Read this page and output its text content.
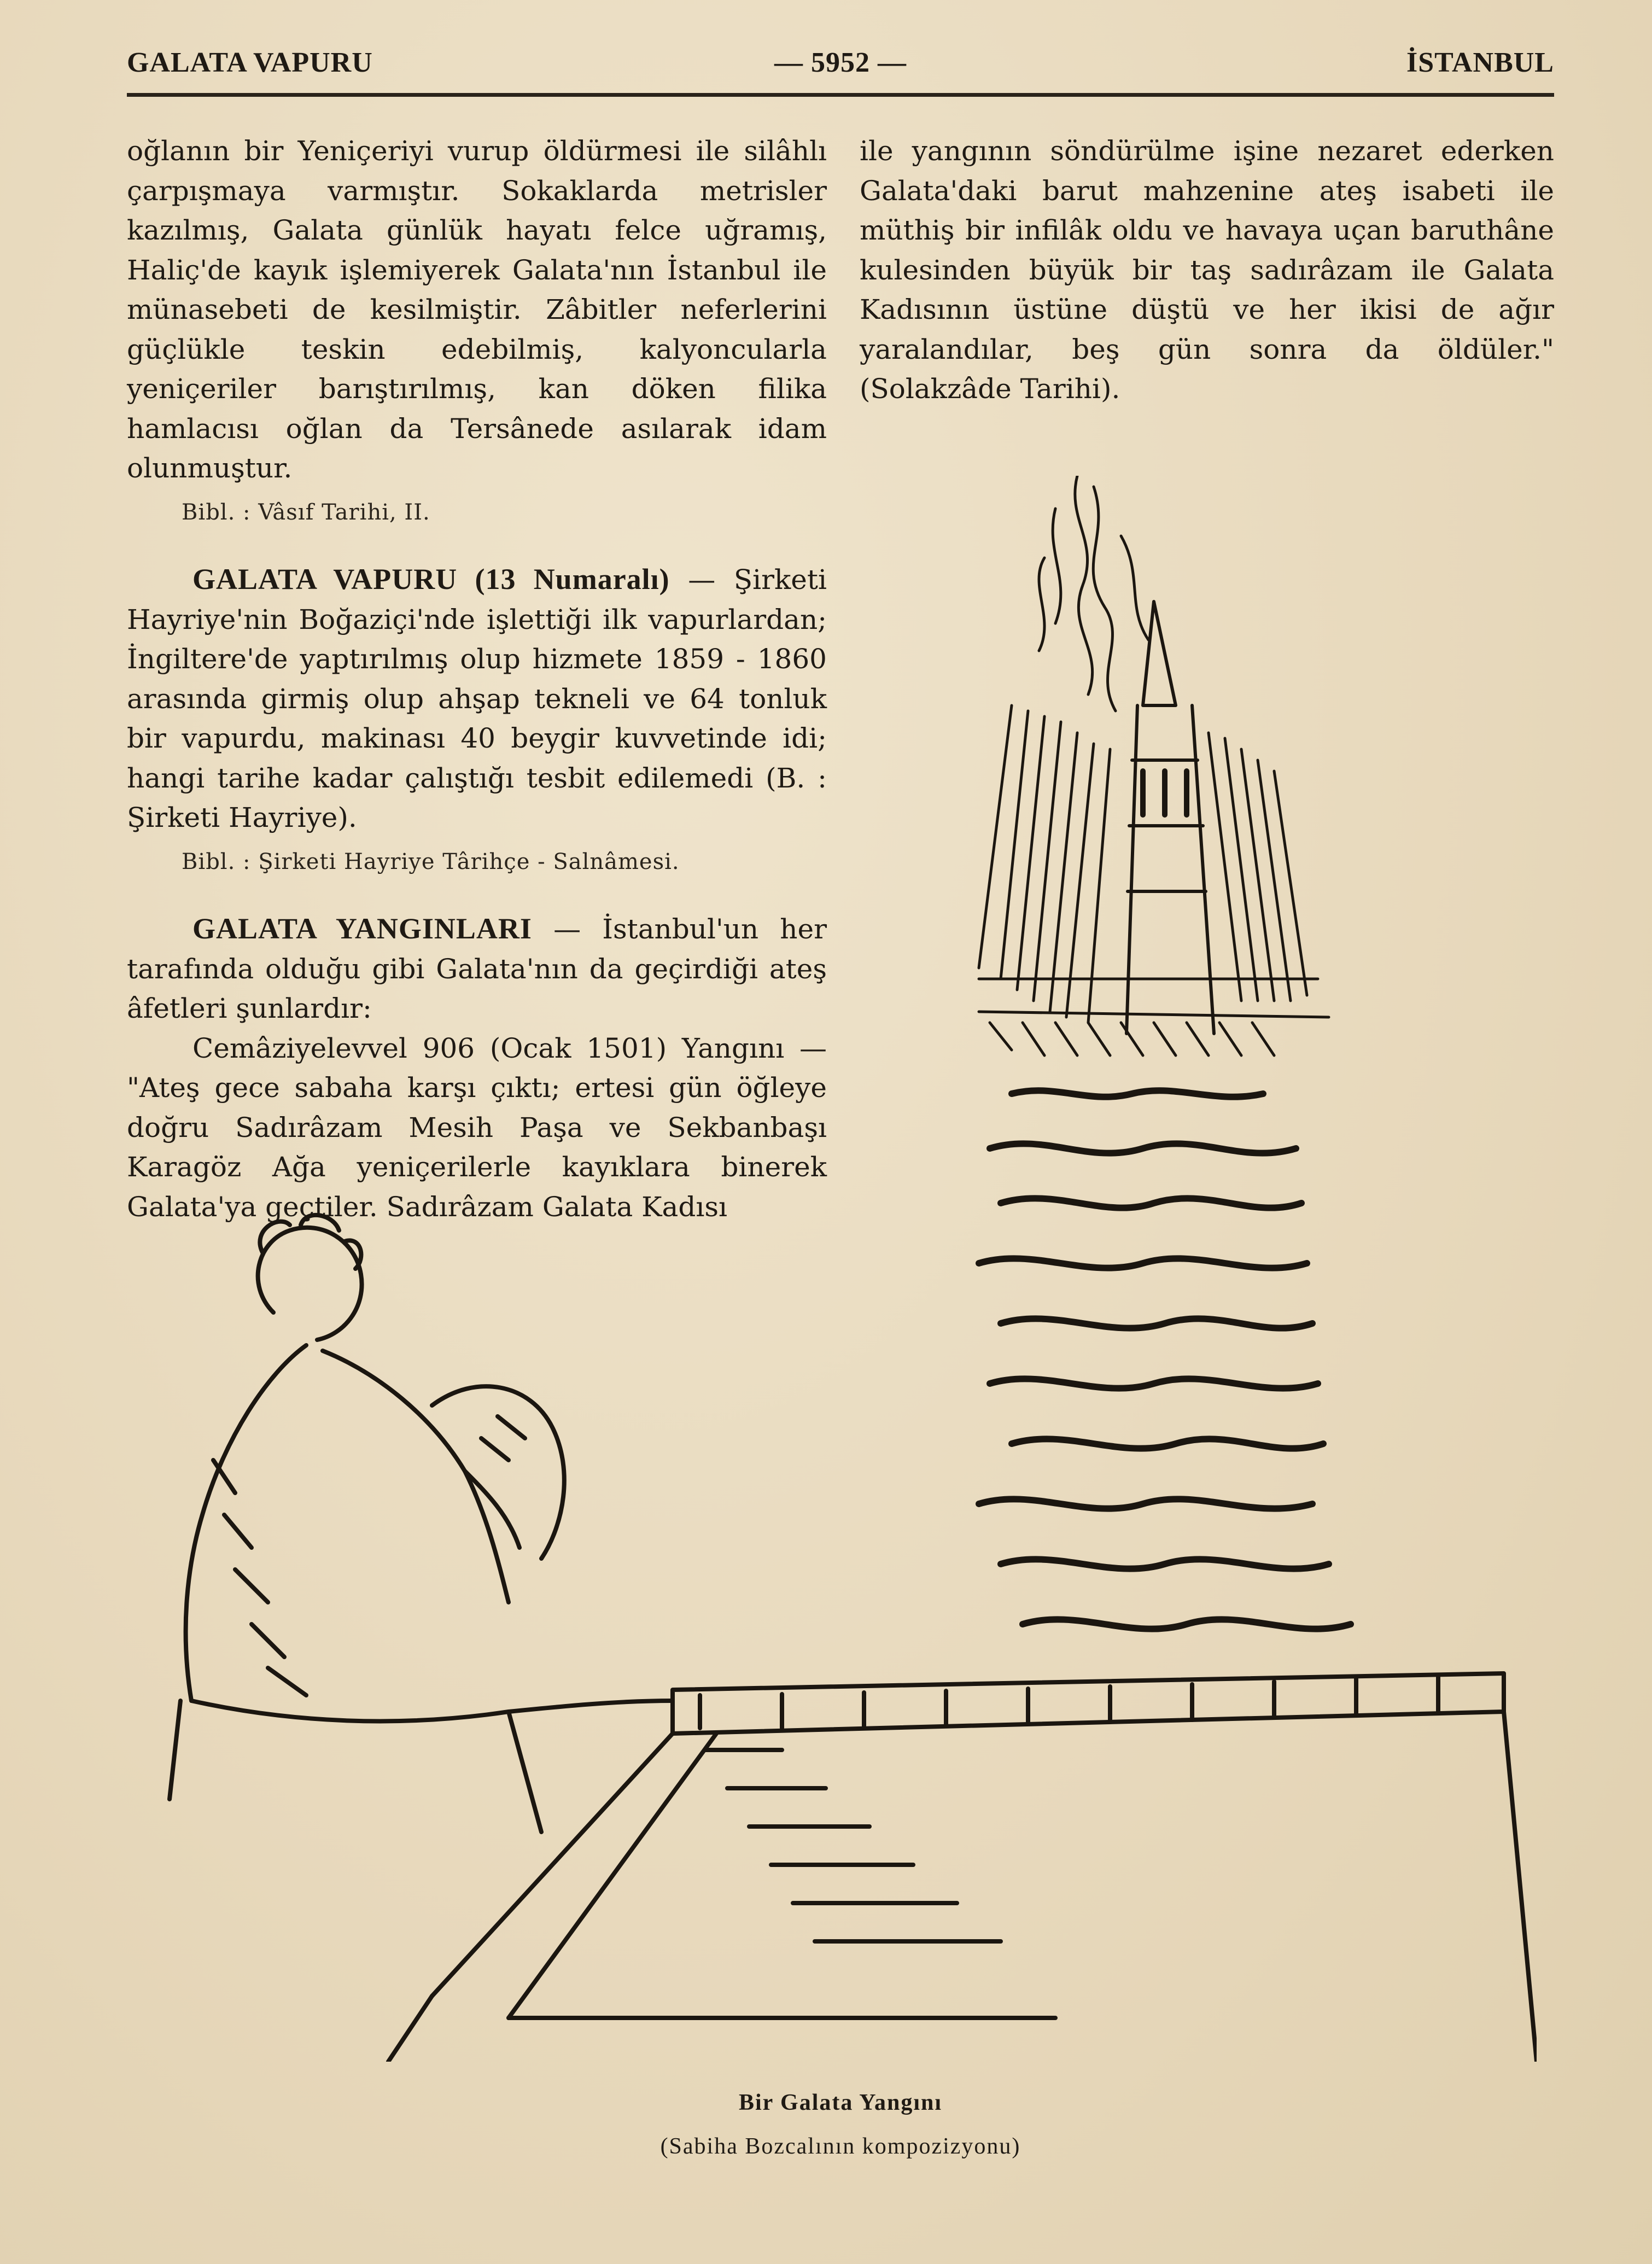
GALATA VAPURU	— 5952 —	İSTANBUL

oğlanın bir Yeniçeriyi vurup öldürmesi ile silâhlı çarpışmaya varmıştır. Sokaklarda metrisler kazılmış, Galata günlük hayatı felce uğramış, Haliç'de kayık işlemiyerek Galata'nın İstanbul ile münasebeti de kesilmiştir. Zâbitler neferlerini güçlükle teskin edebilmiş, kalyoncularla yeniçeriler barıştırılmış, kan döken filika hamlacısı oğlan da Tersânede asılarak idam olunmuştur.

Bibl. : Vâsıf Tarihi, II.

GALATA VAPURU (13 Numaralı) — Şirketi Hayriye'nin Boğaziçi'nde işlettiği ilk vapurlardan; İngiltere'de yaptırılmış olup hizmete 1859 - 1860 arasında girmiş olup ahşap tekneli ve 64 tonluk bir vapurdu, makinası 40 beygir kuvvetinde idi; hangi tarihe kadar çalıştığı tesbit edilemedi (B. : Şirketi Hayriye).

Bibl. : Şirketi Hayriye Târihçe - Salnâmesi.

GALATA YANGINLARI — İstanbul'un her tarafında olduğu gibi Galata'nın da geçirdiği ateş âfetleri şunlardır:

Cemâziyelevvel 906 (Ocak 1501) Yangını — "Ateş gece sabaha karşı çıktı; ertesi gün öğleye doğru Sadırâzam Mesih Paşa ve Sekbanbaşı Karagöz Ağa yeniçerilerle kayıklara binerek Galata'ya geçtiler. Sadırâzam Galata Kadısı

ile yangının söndürülme işine nezaret ederken Galata'daki barut mahzenine ateş isabeti ile müthiş bir infilâk oldu ve havaya uçan baruthâne kulesinden büyük bir taş sadırâzam ile Galata Kadısının üstüne düştü ve her ikisi de ağır yaralandılar, beş gün sonra da öldüler." (Solakzâde Tarihi).

Bir Galata Yangını
(Sabiha Bozcalının kompozizyonu)
